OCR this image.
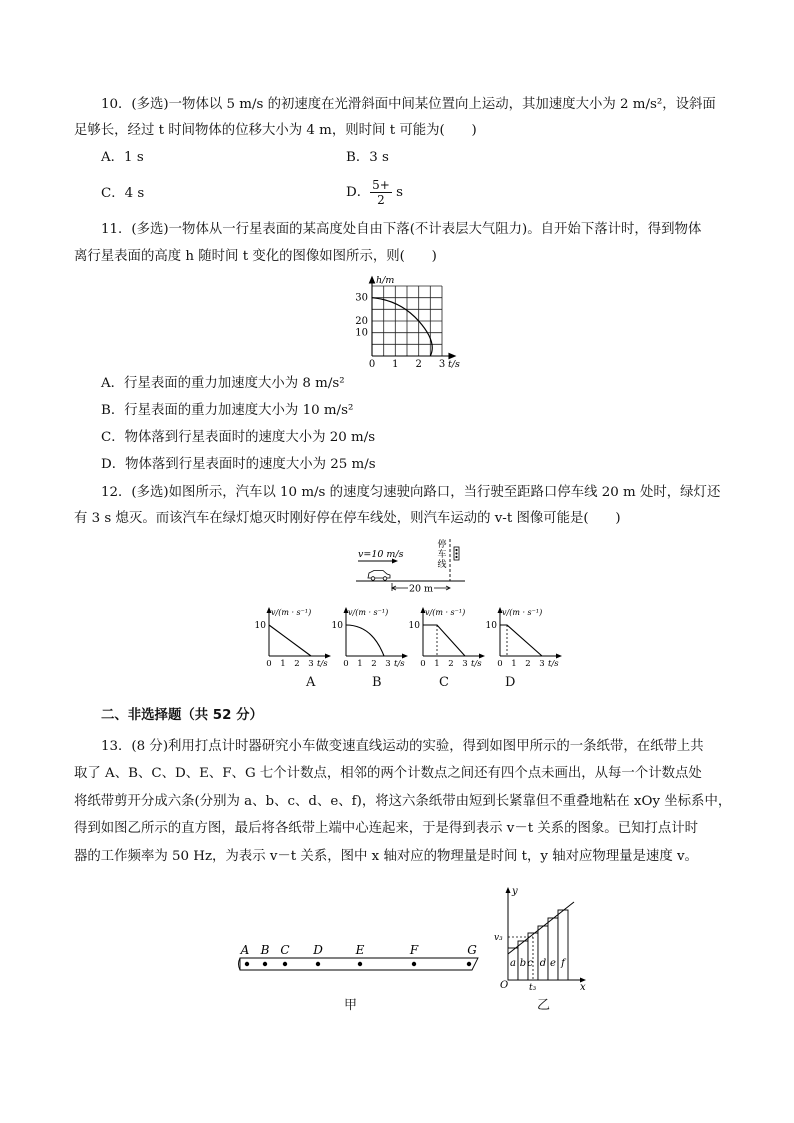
10．(多选)一物体以 5 m/s 的初速度在光滑斜面中间某位置向上运动，其加速度大小为 2 m/s²，设斜面
足够长，经过 t 时间物体的位移大小为 4 m，则时间 t 可能为(　　)
A．1 s	B．3 s
C．4 s	D． $\frac{5+}{2}$ s
11．(多选)一物体从一行星表面的某高度处自由下落(不计表层大气阻力)。自开始下落计时，得到物体
离行星表面的高度 h 随时间 t 变化的图像如图所示，则(　　)
h/m
30
20
10
0 1 2 3 t/s
A．行星表面的重力加速度大小为 8 m/s²
B．行星表面的重力加速度大小为 10 m/s²
C．物体落到行星表面时的速度大小为 20 m/s
D．物体落到行星表面时的速度大小为 25 m/s
12．(多选)如图所示，汽车以 10 m/s 的速度匀速驶向路口，当行驶至距路口停车线 20 m 处时，绿灯还
有 3 s 熄灭。而该汽车在绿灯熄灭时刚好停在停车线处，则汽车运动的 v-t 图像可能是(　　)
v=10 m/s
停
车
线
20 m
v/(m · s⁻¹)
10
0 1 2 3 t/s
v/(m · s⁻¹)
10
0 1 2 3 t/s
v/(m · s⁻¹)
10
0 1 2 3 t/s
v/(m · s⁻¹)
10
0 1 2 3 t/s
A	B	C	D
二、非选择题（共 52 分）
13．(8 分)利用打点计时器研究小车做变速直线运动的实验，得到如图甲所示的一条纸带，在纸带上共
取了 A、B、C、D、E、F、G 七个计数点，相邻的两个计数点之间还有四个点未画出，从每一个计数点处
将纸带剪开分成六条(分别为 a、b、c、d、e、f)，将这六条纸带由短到长紧靠但不重叠地粘在 xOy 坐标系中，
得到如图乙所示的直方图，最后将各纸带上端中心连起来，于是得到表示 v－t 关系的图象。已知打点计时
器的工作频率为 50 Hz，为表示 v－t 关系，图中 x 轴对应的物理量是时间 t，y 轴对应物理量是速度 v。
A B C D	E	F	G
甲
y
x
O
a b c d e f
v₃
t₃
乙
